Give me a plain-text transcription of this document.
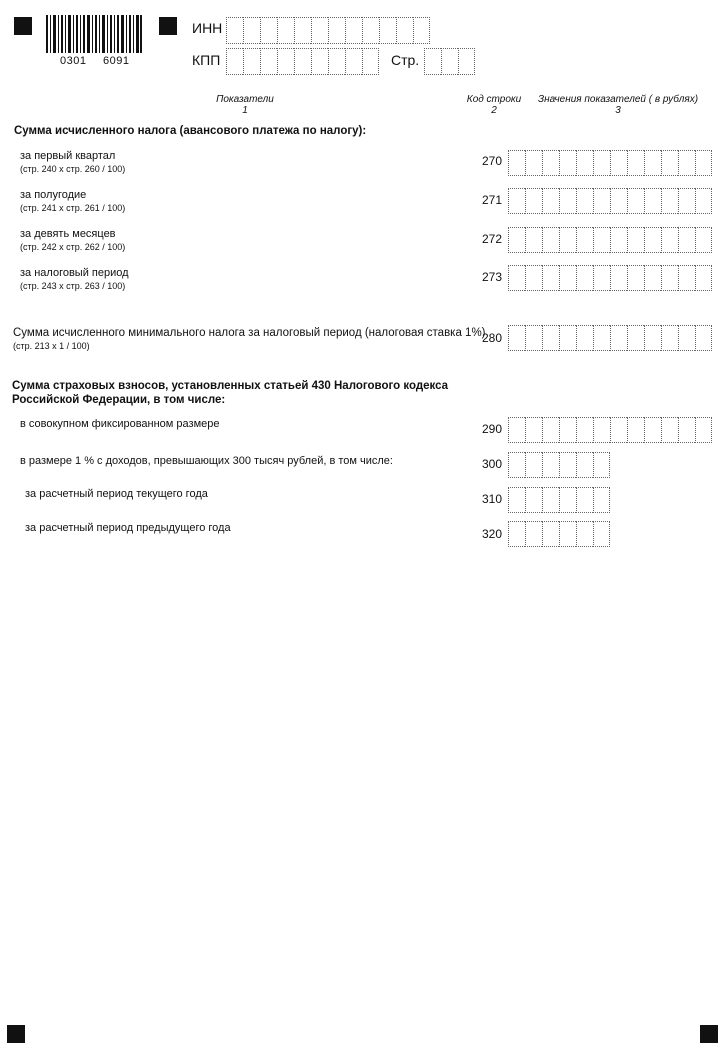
0301 6091
ИНН
КПП	Стр.
Показатели
1
Код строки
2
Значения показателей ( в рублях)
3
Сумма исчисленного налога (авансового платежа по налогу):
за первый квартал
(стр. 240 х стр. 260 / 100)
270
за полугодие
(стр. 241 х стр. 261 / 100)
271
за девять месяцев
(стр. 242 х стр. 262 / 100)
272
за налоговый период
(стр. 243 х стр. 263 / 100)
273
Сумма исчисленного минимального налога за налоговый период (налоговая ставка 1%)
(стр. 213 х 1 / 100)
280
Сумма страховых взносов, установленных статьей 430 Налогового кодекса
Российской Федерации, в том числе:
в совокупном фиксированном размере	290
в размере 1 % с доходов, превышающих 300 тысяч рублей, в том числе:	300
за расчетный период текущего года	310
за расчетный период предыдущего года	320
